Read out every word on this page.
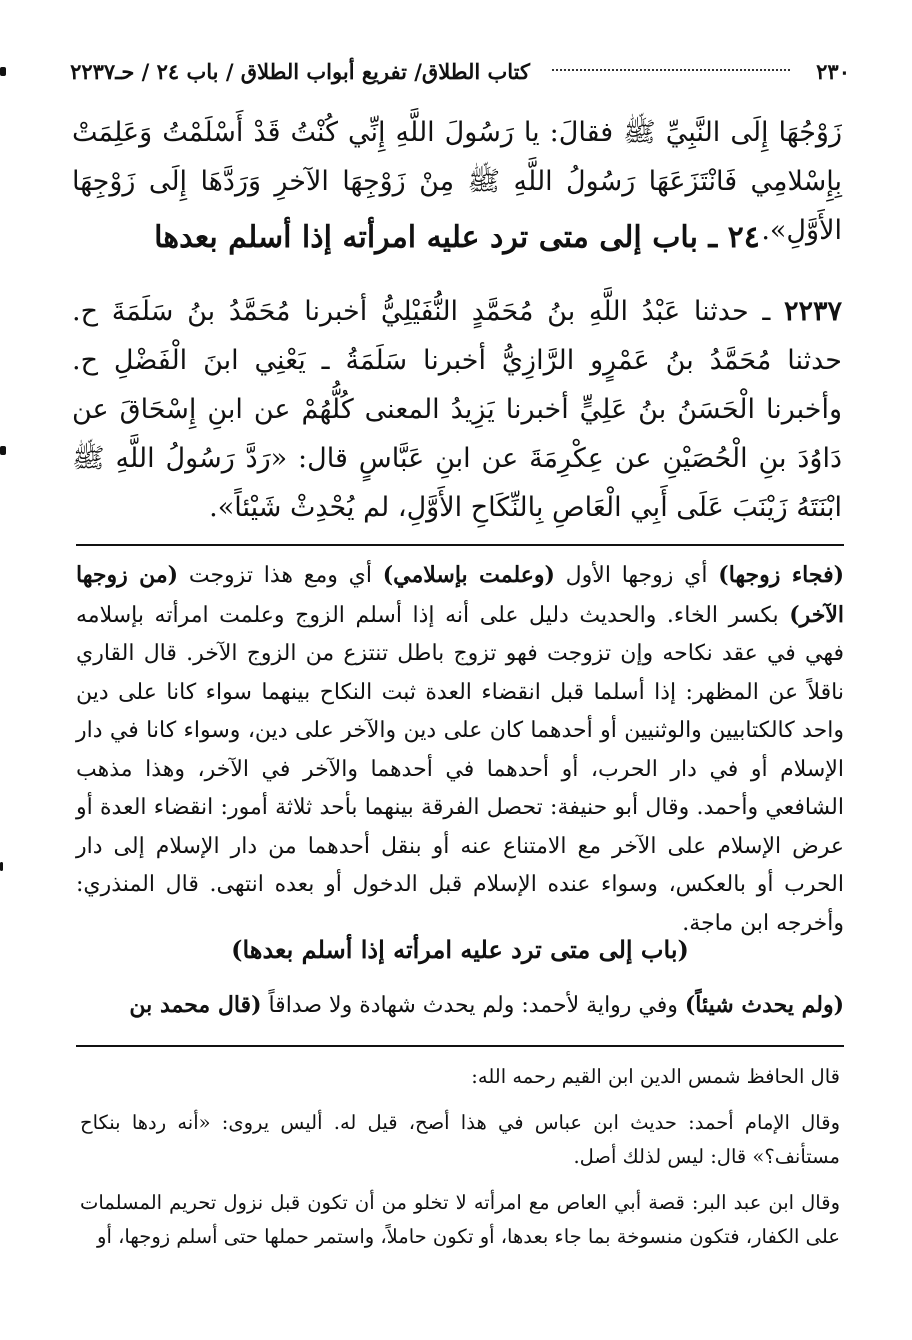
٢٣٠
كتاب الطلاق/ تفريع أبواب الطلاق / باب ٢٤ / حـ٢٢٣٧
زَوْجُهَا إِلَى النَّبِيِّ ﷺ فقالَ: يا رَسُولَ اللَّهِ إِنِّي كُنْتُ قَدْ أَسْلَمْتُ وَعَلِمَتْ بِإِسْلامِي فَانْتَزَعَهَا رَسُولُ اللَّهِ ﷺ مِنْ زَوْجِهَا الآخرِ وَرَدَّهَا إِلَى زَوْجِهَا الأَوَّلِ».
٢٤ ـ باب إلى متى ترد عليه امرأته إذا أسلم بعدها
٢٢٣٧ ـ حدثنا عَبْدُ اللَّهِ بنُ مُحَمَّدٍ النُّفَيْلِيُّ أخبرنا مُحَمَّدُ بنُ سَلَمَةَ ح. حدثنا مُحَمَّدُ بنُ عَمْرٍو الرَّازِيُّ أخبرنا سَلَمَةُ ـ يَعْنِي ابنَ الْفَضْلِ ح. وأخبرنا الْحَسَنُ بنُ عَلِيٍّ أخبرنا يَزِيدُ المعنى كُلُّهُمْ عن ابنِ إِسْحَاقَ عن دَاوُدَ بنِ الْحُصَيْنِ عن عِكْرِمَةَ عن ابنِ عَبَّاسٍ قال: «رَدَّ رَسُولُ اللَّهِ ﷺ ابْنَتَهُ زَيْنَبَ عَلَى أَبِي الْعَاصِ بِالنِّكَاحِ الأَوَّلِ، لم يُحْدِثْ شَيْئاً».
(فجاء زوجها) أي زوجها الأول (وعلمت بإسلامي) أي ومع هذا تزوجت (من زوجها الآخر) بكسر الخاء. والحديث دليل على أنه إذا أسلم الزوج وعلمت امرأته بإسلامه فهي في عقد نكاحه وإن تزوجت فهو تزوج باطل تنتزع من الزوج الآخر. قال القاري ناقلاً عن المظهر: إذا أسلما قبل انقضاء العدة ثبت النكاح بينهما سواء كانا على دين واحد كالكتابيين والوثنيين أو أحدهما كان على دين والآخر على دين، وسواء كانا في دار الإسلام أو في دار الحرب، أو أحدهما في أحدهما والآخر في الآخر، وهذا مذهب الشافعي وأحمد. وقال أبو حنيفة: تحصل الفرقة بينهما بأحد ثلاثة أمور: انقضاء العدة أو عرض الإسلام على الآخر مع الامتناع عنه أو بنقل أحدهما من دار الإسلام إلى دار الحرب أو بالعكس، وسواء عنده الإسلام قبل الدخول أو بعده انتهى. قال المنذري: وأخرجه ابن ماجة.
(باب إلى متى ترد عليه امرأته إذا أسلم بعدها)
(ولم يحدث شيئاً) وفي رواية لأحمد: ولم يحدث شهادة ولا صداقاً (قال محمد بن

قال الحافظ شمس الدين ابن القيم رحمه الله:

وقال الإمام أحمد: حديث ابن عباس في هذا أصح، قيل له. أليس يروى: «أنه ردها بنكاح مستأنف؟» قال: ليس لذلك أصل.

وقال ابن عبد البر: قصة أبي العاص مع امرأته لا تخلو من أن تكون قبل نزول تحريم المسلمات على الكفار، فتكون منسوخة بما جاء بعدها، أو تكون حاملاً، واستمر حملها حتى أسلم زوجها، أو
